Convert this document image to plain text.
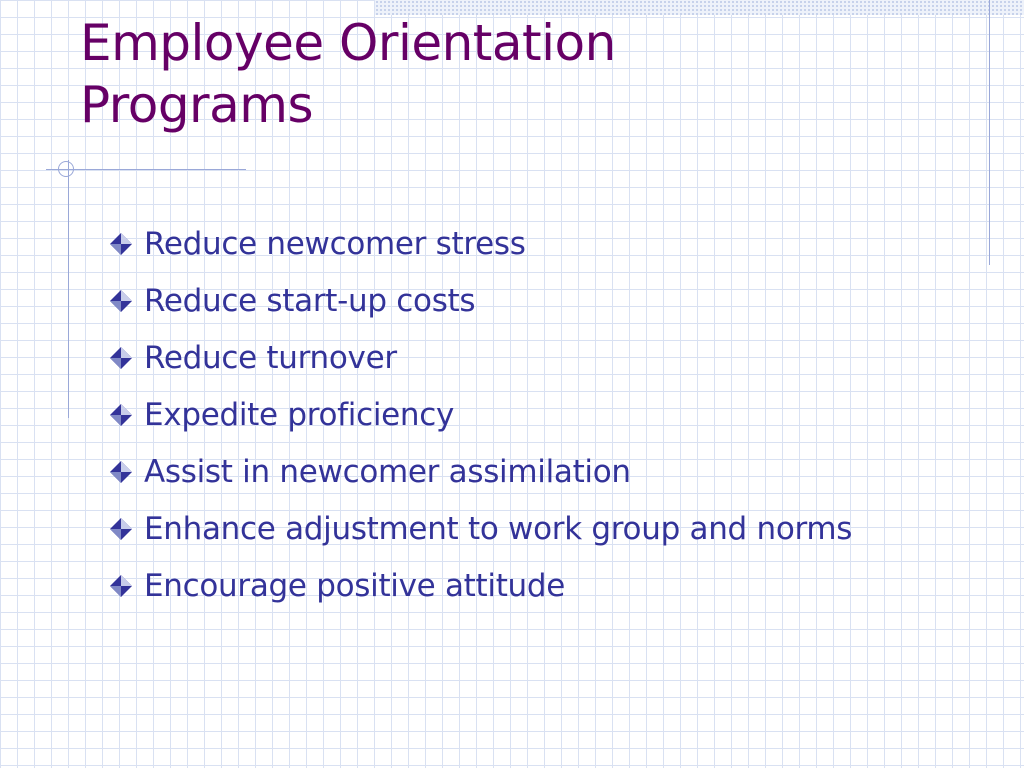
Employee Orientation
Programs
Reduce newcomer stress
Reduce start-up costs
Reduce turnover
Expedite proficiency
Assist in newcomer assimilation
Enhance adjustment to work group and norms
Encourage positive attitude
